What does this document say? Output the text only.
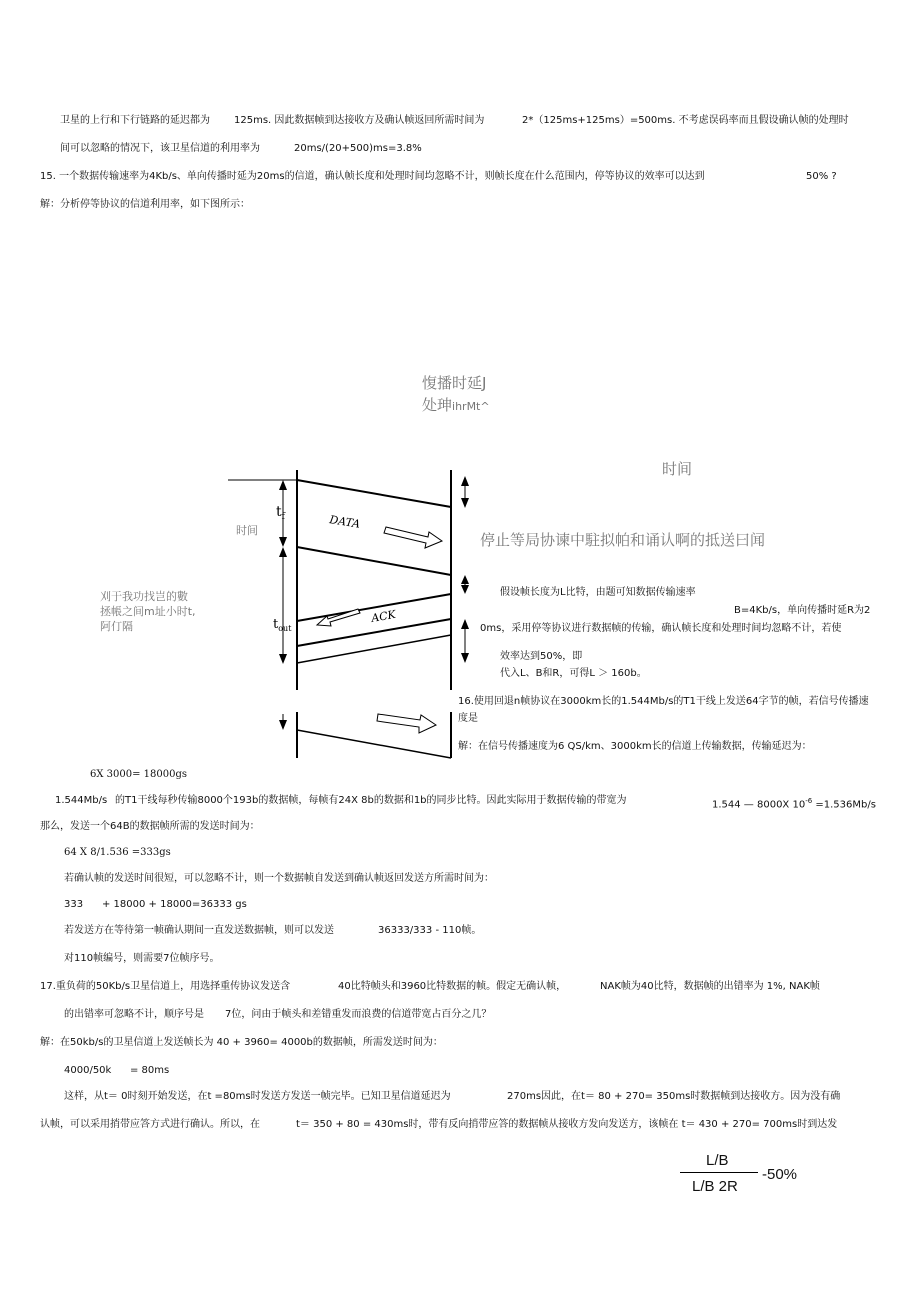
卫星的上行和下行链路的延迟都为 125ms. 因此数据帧到达接收方及确认帧返回所需时间为	2*（125ms+125ms）=500ms. 不考虑误码率而且假设确认帧的处理时
间可以忽略的情况下，该卫星信道的利用率为	20ms/(20+500)ms=3.8%
15. 一个数据传输速率为4Kb/s、单向传播时延为20ms的信道，确认帧长度和处理时间均忽略不计，则帧长度在什么范围内，停等协议的效率可以达到	50% ?
解：分析停等协议的信道利用率，如下图所示：
愎播时延J
处珅ihrMt^
时间
时间
停止等局协谏中駐拟帕和诵认啊的抵送曰闻
刈于我功找岂的數
拯帳之间m址小时t,
阿仃隔
DATA
ACK
$t_f$
$t_{out}$
假设帧长度为L比特，由题可知数据传输速率
B=4Kb/s，单向传播时延R为2
0ms，采用停等协议进行数据帧的传输，确认帧长度和处理时间均忽略不计，若使
效率达到50%，即
代入L、B和R，可得L ＞ 160b。
16.使用回退n帧协议在3000km长的1.544Mb/s的T1干线上发送64字节的帧，若信号传播速
度是
解：在信号传播速度为6 QS/km、3000km长的信道上传输数据，传输延迟为：
6X 3000= 18000gs
1.544Mb/s 的T1干线每秒传输8000个193b的数据帧，每帧有24X 8b的数据和1b的同步比特。因此实际用于数据传输的带宽为	1.544 — 8000X $10^{-6} =1.536Mb/s$
那么，发送一个64B的数据帧所需的发送时间为：
64 X 8/1.536 =333gs
若确认帧的发送时间很短，可以忽略不计，则一个数据帧自发送到确认帧返回发送方所需时间为：
333 + 18000 + 18000=36333 gs
若发送方在等待第一帧确认期间一直发送数据帧，则可以发送	36333/333 - 110帧。
对110帧编号，则需要7位帧序号。
17.重负荷的50Kb/s卫星信道上，用选择重传协议发送含	40比特帧头和3960比特数据的帧。假定无确认帧，	NAK帧为40比特，数据帧的出错率为 1%, NAK帧
的出错率可忽略不计，顺序号是 7位，问由于帧头和差错重发而浪费的信道带宽占百分之几？
解：在50kb/s的卫星信道上发送帧长为 40 + 3960= 4000b的数据帧，所需发送时间为：
4000/50k = 80ms
这样，从t＝ 0时刻开始发送，在t =80ms时发送方发送一帧完毕。已知卫星信道延迟为	270ms因此，在t＝ 80 + 270= 350ms时数据帧到达接收方。因为没有确
认帧，可以采用捎带应答方式进行确认。所以，在	t＝ 350 + 80 = 430ms时，带有反向捎带应答的数据帧从接收方发向发送方，该帧在 t＝ 430 + 270= 700ms时到达发
L/B
L/B 2R
-50%
